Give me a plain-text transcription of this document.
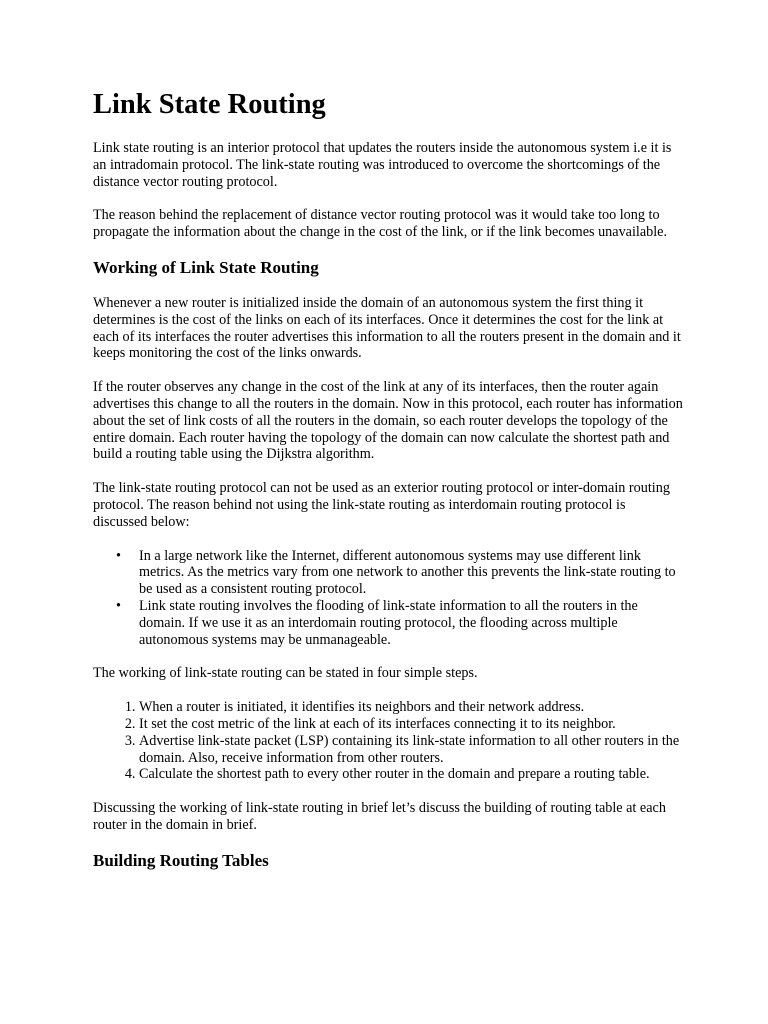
Link State Routing

Link state routing is an interior protocol that updates the routers inside the autonomous system i.e it is an intradomain protocol. The link-state routing was introduced to overcome the shortcomings of the distance vector routing protocol.

The reason behind the replacement of distance vector routing protocol was it would take too long to propagate the information about the change in the cost of the link, or if the link becomes unavailable.

Working of Link State Routing

Whenever a new router is initialized inside the domain of an autonomous system the first thing it determines is the cost of the links on each of its interfaces. Once it determines the cost for the link at each of its interfaces the router advertises this information to all the routers present in the domain and it keeps monitoring the cost of the links onwards.

If the router observes any change in the cost of the link at any of its interfaces, then the router again advertises this change to all the routers in the domain. Now in this protocol, each router has information about the set of link costs of all the routers in the domain, so each router develops the topology of the entire domain. Each router having the topology of the domain can now calculate the shortest path and build a routing table using the Dijkstra algorithm.

The link-state routing protocol can not be used as an exterior routing protocol or inter-domain routing protocol. The reason behind not using the link-state routing as interdomain routing protocol is discussed below:

• In a large network like the Internet, different autonomous systems may use different link metrics. As the metrics vary from one network to another this prevents the link-state routing to be used as a consistent routing protocol.
• Link state routing involves the flooding of link-state information to all the routers in the domain. If we use it as an interdomain routing protocol, the flooding across multiple autonomous systems may be unmanageable.

The working of link-state routing can be stated in four simple steps.

1. When a router is initiated, it identifies its neighbors and their network address.
2. It set the cost metric of the link at each of its interfaces connecting it to its neighbor.
3. Advertise link-state packet (LSP) containing its link-state information to all other routers in the domain. Also, receive information from other routers.
4. Calculate the shortest path to every other router in the domain and prepare a routing table.

Discussing the working of link-state routing in brief let’s discuss the building of routing table at each router in the domain in brief.

Building Routing Tables
